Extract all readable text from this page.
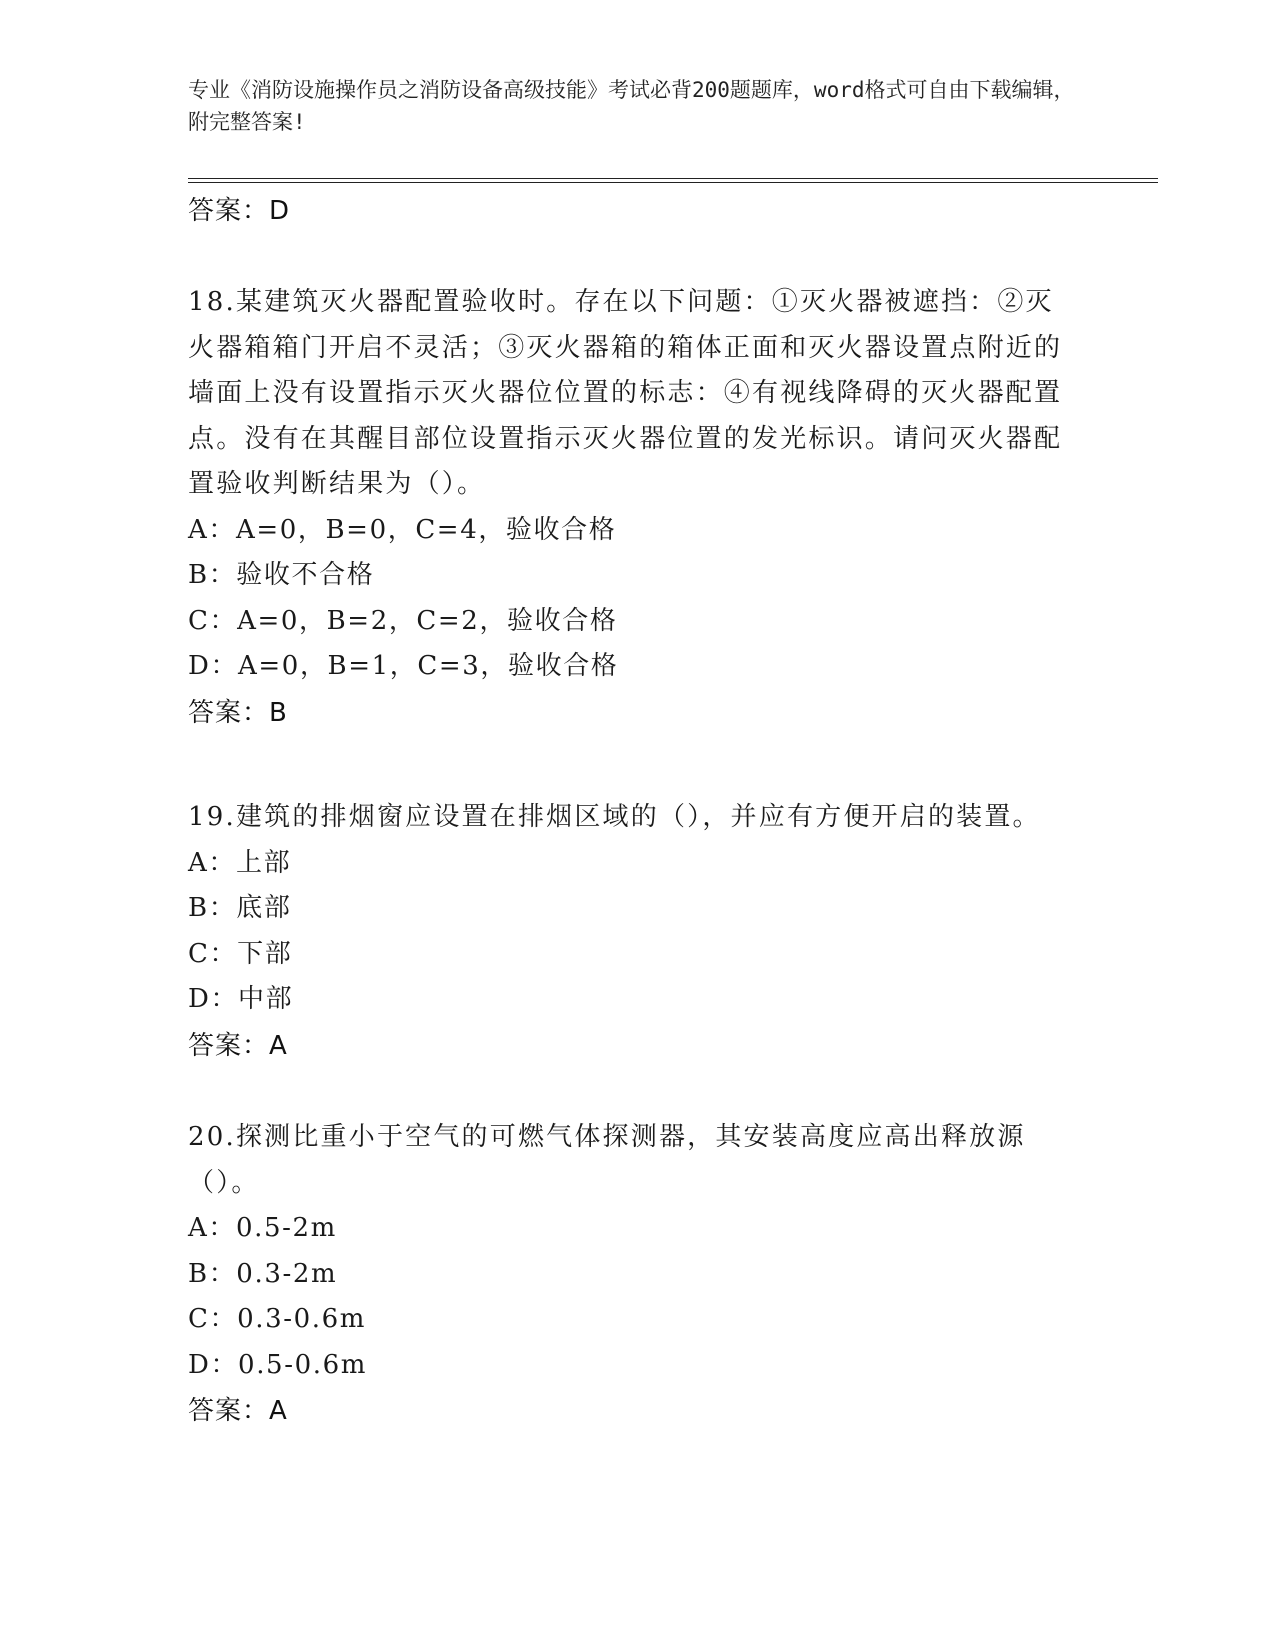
专业《消防设施操作员之消防设备高级技能》考试必背200题题库，word格式可自由下载编辑，附完整答案!
答案：D
18.某建筑灭火器配置验收时。存在以下问题：①灭火器被遮挡：②灭火器箱箱门开启不灵活；③灭火器箱的箱体正面和灭火器设置点附近的墙面上没有设置指示灭火器位位置的标志：④有视线降碍的灭火器配置点。没有在其醒目部位设置指示灭火器位置的发光标识。请问灭火器配置验收判断结果为（）。
A：A=0，B=0，C=4，验收合格
B：验收不合格
C：A=0，B=2，C=2，验收合格
D：A=0，B=1，C=3，验收合格
答案：B
19.建筑的排烟窗应设置在排烟区域的（），并应有方便开启的装置。
A：上部
B：底部
C：下部
D：中部
答案：A
20.探测比重小于空气的可燃气体探测器，其安装高度应高出释放源（）。
A：0.5-2m
B：0.3-2m
C：0.3-0.6m
D：0.5-0.6m
答案：A
